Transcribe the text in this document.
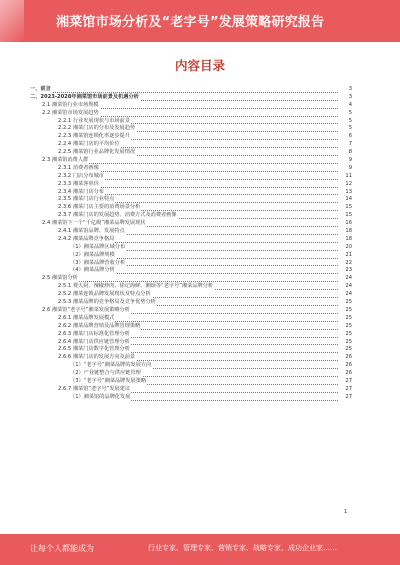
湘菜馆市场分析及“老字号”发展策略研究报告
内容目录
一、前言	3
二、2023-2028年湘菜馆市场前景及机遇分析	3
2.1 湘菜馆行业市场规模	4
2.2 湘菜馆市场发展趋势	5
2.2.1 行业发展现状与市场前景	5
2.2.2 湘菜门店的分布及发展趋势	5
2.2.3 湘菜馆连锁化率逐步提升	6
2.2.4 湘菜门店的平均价位	7
2.2.5 湘菜馆行业品牌化发展情况	8
2.3 湘菜馆消费人群	9
2.3.1 消费者画像	9
2.3.2 门店分布城市	11
2.3.3 湘菜客单价	12
2.3.4 湘菜门店分布	13
2.3.5 湘菜门店行业特点	14
2.3.6 湘菜门店主要的消费场景分析	15
2.3.7 湘菜门店的发展趋势、消费方式及消费者画像	15
2.4 湘菜馆下一个“千亿级”湘菜品牌发展现状	16
2.4.1 湘菜馆品牌、发展特点	18
2.4.2 湘菜品牌竞争格局	18
（1）湘菜品牌区域分布	20
（2）湘菜品牌规模	21
（3）湘菜品牌营收分析	22
（4）湘菜品牌分析	23
2.5 湘菜馆分析	24
2.5.1 费大厨、辣椒炒肉、徐记海鲜、湘颂等“老字号”湘菜品牌分析	24
2.5.2 湘菜连锁品牌发展现状及特点分析	24
2.5.3 湘菜品牌的竞争格局及竞争优势分析	25
2.6 湘菜馆“老字号”湘菜发展策略分析	25
2.6.1 湘菜品牌发展模式	25
2.6.2 湘菜品牌营销及品牌管理策略	25
2.6.3 湘菜门店标准化管理分析	25
2.6.4 湘菜门店供应链管理分析	25
2.6.5 湘菜门店数字化管理分析	25
2.6.6 湘菜门店的发展方向及前景	26
（1）“老字号”湘菜品牌的发展方向	26
（2）产业链整合与供应链管理	26
（3）“老字号”湘菜品牌发展策略	27
2.6.7 湘菜馆“老字号”发展建议	27
（1）湘菜馆的品牌化发展	27
1
让每个人都能成为	行业专家、管理专家、营销专家、战略专家、成功企业家……
